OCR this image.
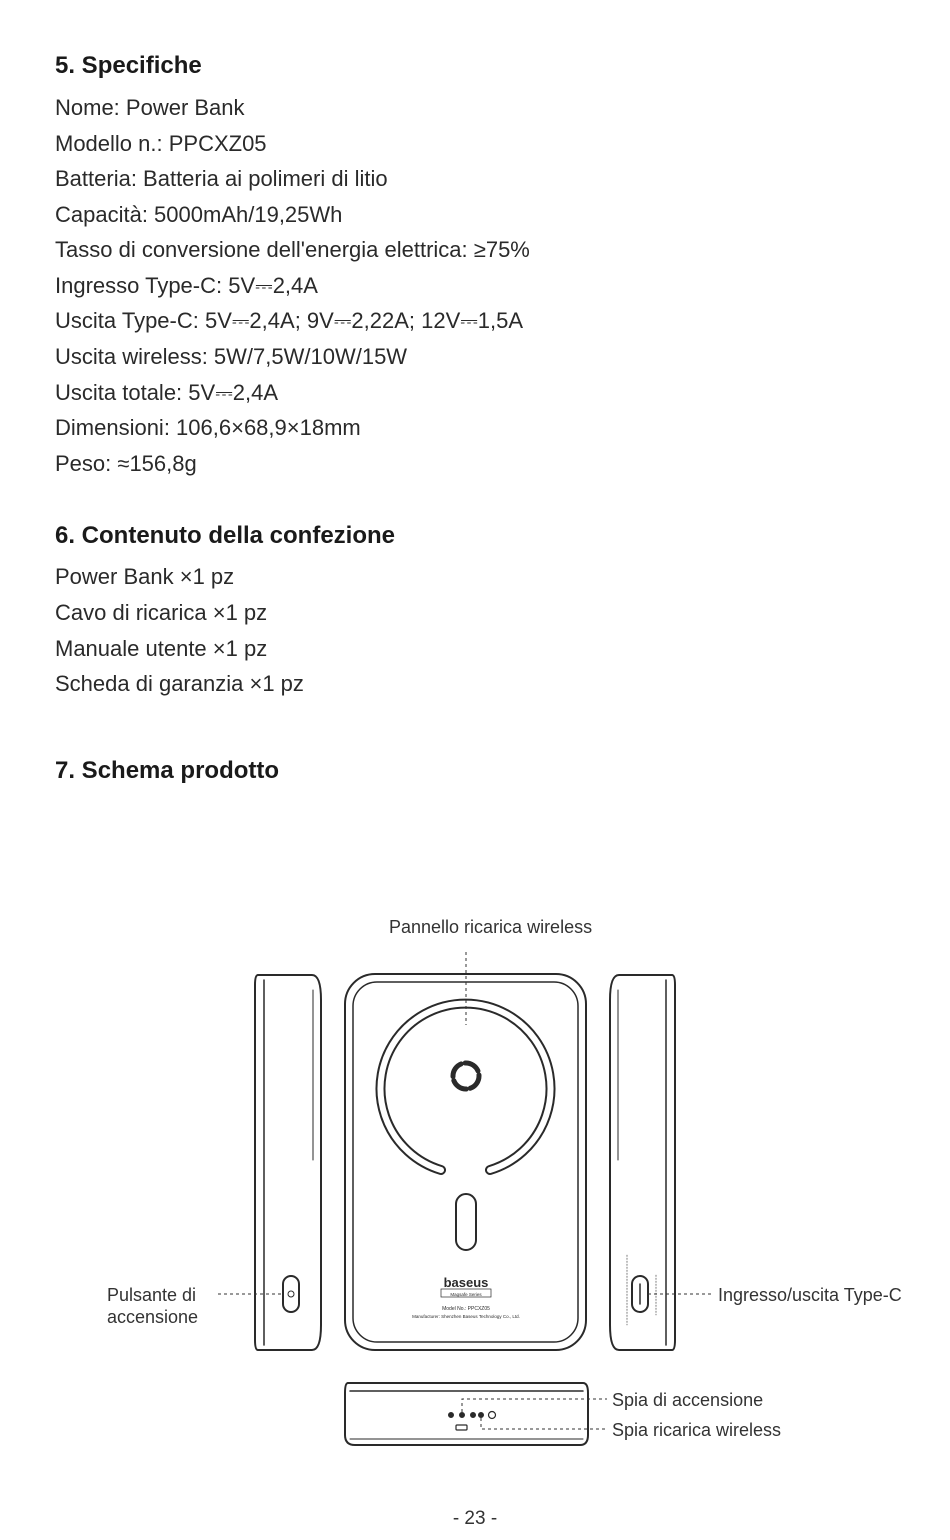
5. Specifiche
Nome: Power Bank
Modello n.: PPCXZ05
Batteria: Batteria ai polimeri di litio
Capacità: 5000mAh/19,25Wh
Tasso di conversione dell'energia elettrica: ≥75%
Ingresso Type-C: 5V⎓2,4A
Uscita Type-C: 5V⎓2,4A; 9V⎓2,22A; 12V⎓1,5A
Uscita wireless: 5W/7,5W/10W/15W
Uscita totale: 5V⎓2,4A
Dimensioni: 106,6×68,9×18mm
Peso: ≈156,8g
6. Contenuto della confezione
Power Bank ×1 pz
Cavo di ricarica ×1 pz
Manuale utente ×1 pz
Scheda di garanzia ×1 pz
7. Schema prodotto
baseus
Magsafe Series
Model No.: PPCXZ05
Manufacturer: Shenzhen Baseus Technology Co., Ltd.
Pannello ricarica wireless
Pulsante di
accensione
Ingresso/uscita Type-C
Spia di accensione
Spia ricarica wireless
- 23 -
